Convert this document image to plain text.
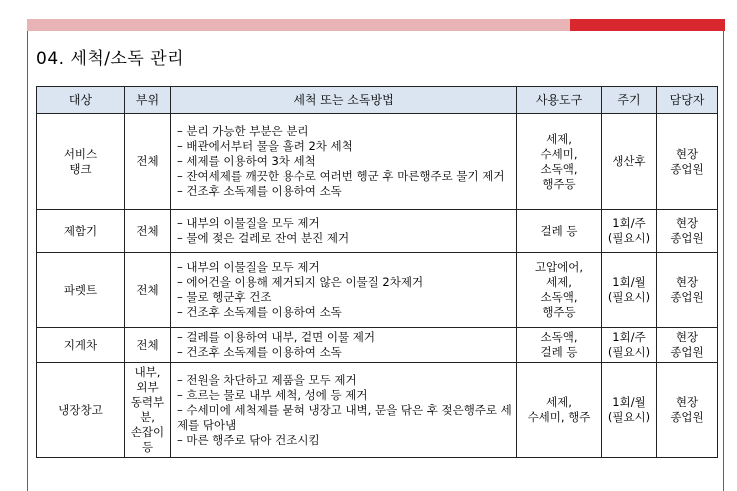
04. 세척/소독 관리
대상	부위	세척 또는 소독방법	사용도구	주기	담당자

서비스
탱크	전체	– 분리 가능한 부분은 분리
– 배관에서부터 물을 흘려 2차 세척
– 세제를 이용하여 3차 세척
– 잔여세제를 깨끗한 용수로 여러번 헹군 후 마른행주로 물기 제거
– 건조후 소독제를 이용하여 소독	세제,
수세미,
소독액,
행주등	생산후	현장
종업원

제함기	전체	– 내부의 이물질을 모두 제거
– 물에 젖은 걸레로 잔여 분진 제거	걸레 등	1회/주
(필요시)	현장
종업원

파렛트	전체	– 내부의 이물질을 모두 제거
– 에어건을 이용해 제거되지 않은 이물질 2차제거
– 물로 헹군후 건조
– 건조후 소독제를 이용하여 소독	고압에어,
세제,
소독액,
행주등	1회/월
(필요시)	현장
종업원

지게차	전체	– 걸레를 이용하여 내부, 겉면 이물 제거
– 건조후 소독제를 이용하여 소독	소독액,
걸레 등	1회/주
(필요시)	현장
종업원

냉장창고	내부,
외부
동력부분,
손잡이등	– 전원을 차단하고 제품을 모두 제거
– 흐르는 물로 내부 세척, 성에 등 제거
– 수세미에 세척제를 묻혀 냉장고 내벽, 문을 닦은 후 젖은행주로 세제를 닦아냄
– 마른 행주로 닦아 건조시킴	세제,
수세미, 행주	1회/월
(필요시)	현장
종업원
